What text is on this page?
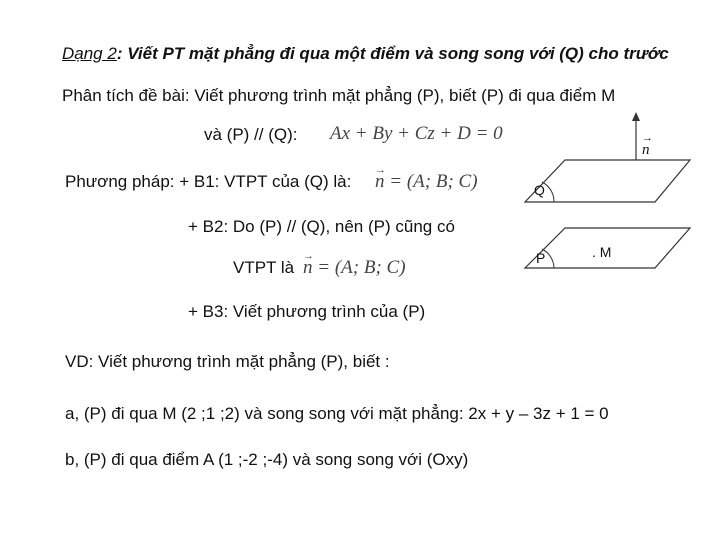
Dạng 2: Viết PT mặt phẳng đi qua một điểm và song song với (Q) cho trước
Phân tích đề bài: Viết phương trình mặt phẳng (P), biết (P) đi qua điểm M
và (P) // (Q): Ax + By + Cz + D = 0
Phương pháp: + B1: VTPT của (Q) là: → n = (A; B; C)
+ B2: Do (P) // (Q), nên (P) cũng có
VTPT là → n = (A; B; C)
+ B3: Viết phương trình của (P)
→ n
Q
P	. M
VD: Viết phương trình mặt phẳng (P), biết :
a, (P) đi qua M (2 ;1 ;2) và song song với mặt phẳng: 2x + y – 3z + 1 = 0
b, (P) đi qua điểm A (1 ;-2 ;-4) và song song với (Oxy)
